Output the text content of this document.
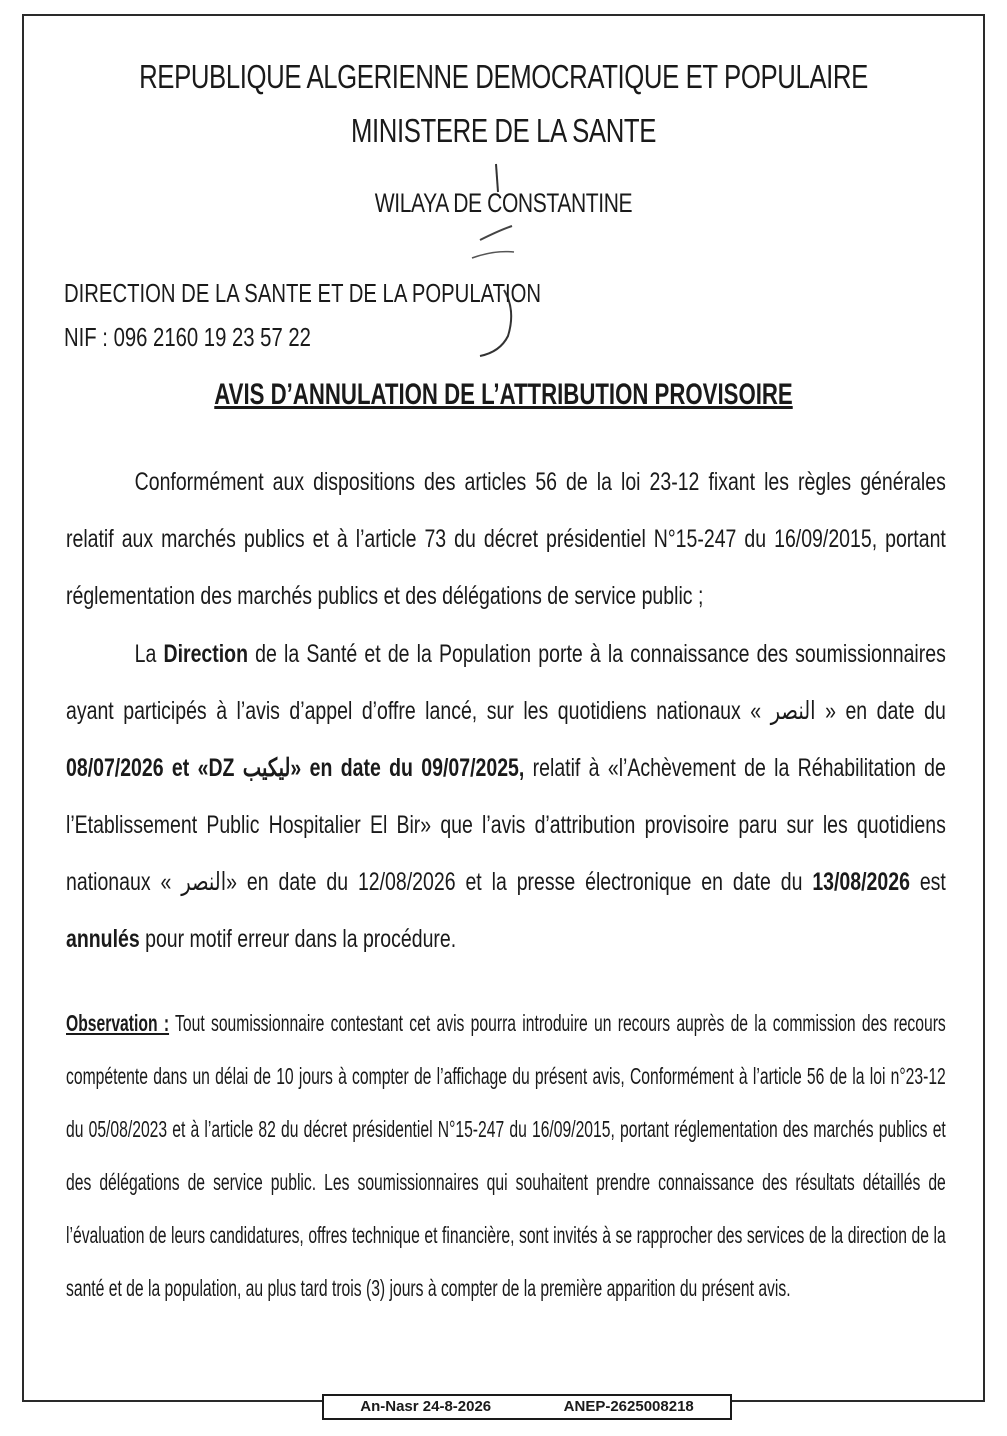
REPUBLIQUE ALGERIENNE DEMOCRATIQUE ET POPULAIRE
MINISTERE DE LA SANTE
WILAYA DE CONSTANTINE
DIRECTION DE LA SANTE ET DE LA POPULATION
NIF : 096 2160 19 23 57 22
AVIS D’ANNULATION DE L’ATTRIBUTION PROVISOIRE
Conformément aux dispositions des articles 56 de la loi 23-12 fixant les règles générales relatif aux marchés publics et à l’article 73 du décret présidentiel N°15-247 du 16/09/2015, portant réglementation des marchés publics et des délégations de service public ;
La Direction de la Santé et de la Population porte à la connaissance des soumissionnaires ayant participés à l’avis d’appel d’offre lancé, sur les quotidiens nationaux « النصر » en date du 08/07/2026 et «DZ ليكيب» en date du 09/07/2025, relatif à «l’Achèvement de la Réhabilitation de l’Etablissement Public Hospitalier El Bir» que l’avis d’attribution provisoire paru sur les quotidiens nationaux « النصر» en date du 12/08/2026 et la presse électronique en date du 13/08/2026 est annulés pour motif erreur dans la procédure.
Observation : Tout soumissionnaire contestant cet avis pourra introduire un recours auprès de la commission des recours compétente dans un délai de 10 jours à compter de l’affichage du présent avis, Conformément à l’article 56 de la loi n°23-12 du 05/08/2023 et à l’article 82 du décret présidentiel N°15-247 du 16/09/2015, portant réglementation des marchés publics et des délégations de service public. Les soumissionnaires qui souhaitent prendre connaissance des résultats détaillés de l’évaluation de leurs candidatures, offres technique et financière, sont invités à se rapprocher des services de la direction de la santé et de la population, au plus tard trois (3) jours à compter de la première apparition du présent avis.
An-Nasr 24-8-2026	ANEP-2625008218
